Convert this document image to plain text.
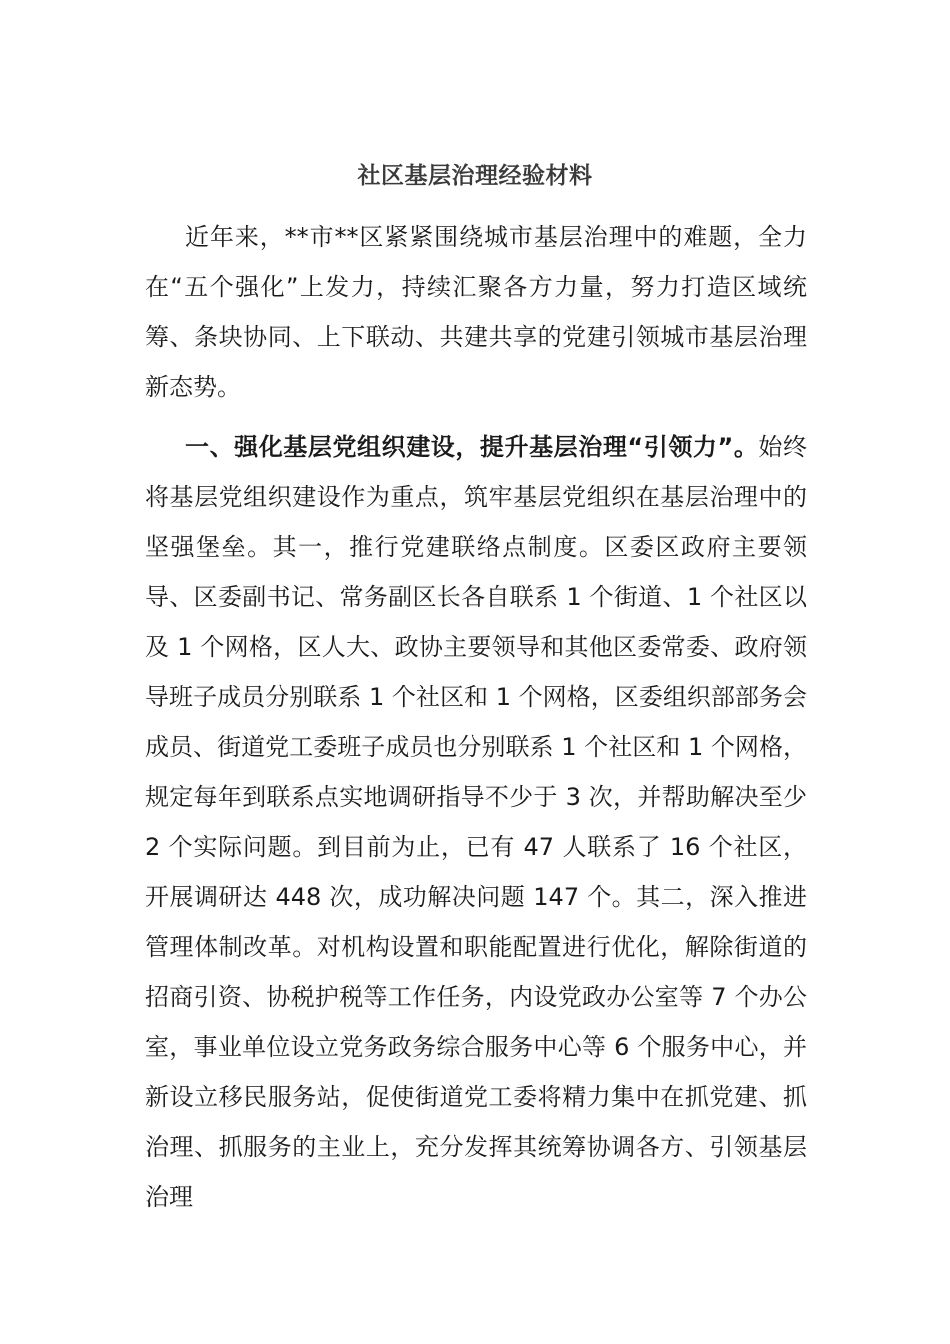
社区基层治理经验材料
近年来，**市**区紧紧围绕城市基层治理中的难题，全力在“五个强化”上发力，持续汇聚各方力量，努力打造区域统筹、条块协同、上下联动、共建共享的党建引领城市基层治理新态势。
一、强化基层党组织建设，提升基层治理“引领力”。始终将基层党组织建设作为重点，筑牢基层党组织在基层治理中的坚强堡垒。其一，推行党建联络点制度。区委区政府主要领导、区委副书记、常务副区长各自联系 1 个街道、1 个社区以及 1 个网格，区人大、政协主要领导和其他区委常委、政府领导班子成员分别联系 1 个社区和 1 个网格，区委组织部部务会成员、街道党工委班子成员也分别联系 1 个社区和 1 个网格，规定每年到联系点实地调研指导不少于 3 次，并帮助解决至少 2 个实际问题。到目前为止，已有 47 人联系了 16 个社区，开展调研达 448 次，成功解决问题 147 个。其二，深入推进管理体制改革。对机构设置和职能配置进行优化，解除街道的招商引资、协税护税等工作任务，内设党政办公室等 7 个办公室，事业单位设立党务政务综合服务中心等 6 个服务中心，并新设立移民服务站，促使街道党工委将精力集中在抓党建、抓治理、抓服务的主业上，充分发挥其统筹协调各方、引领基层治理
